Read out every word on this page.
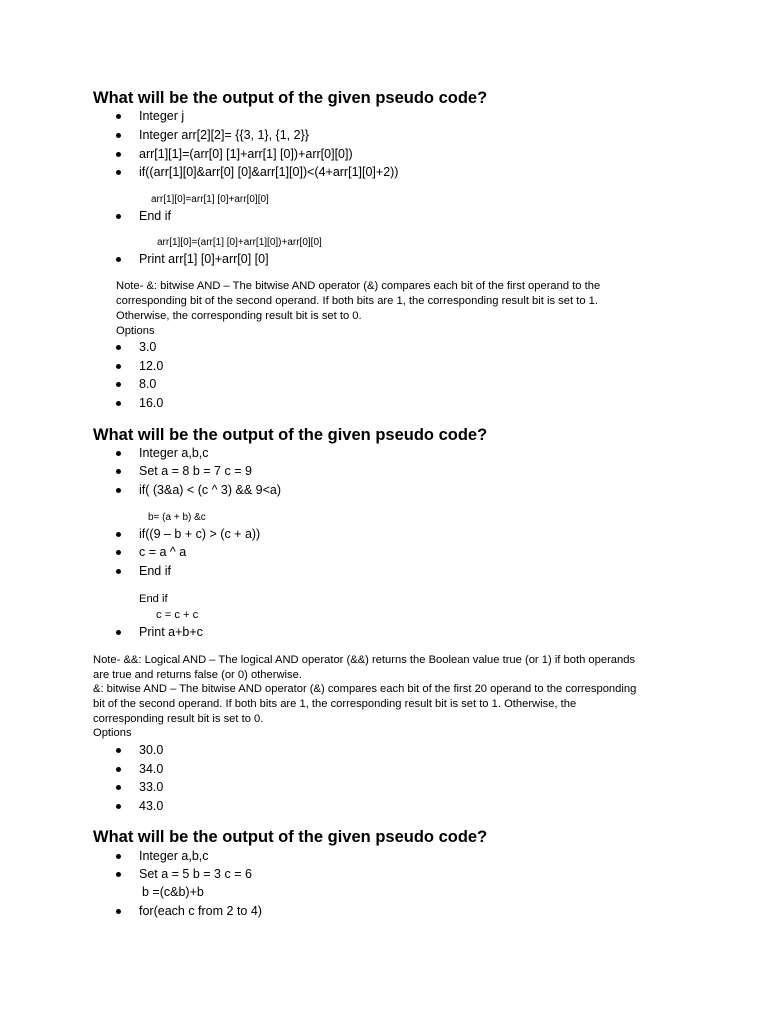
What will be the output of the given pseudo code?
Integer j
Integer arr[2][2]= {{3, 1}, {1, 2}}
arr[1][1]=(arr[0] [1]+arr[1] [0])+arr[0][0])
if((arr[1][0]&arr[0] [0]&arr[1][0])<(4+arr[1][0]+2))
arr[1][0]=arr[1] [0]+arr[0][0]
End if
arr[1][0]=(arr[1] [0]+arr[1][0])+arr[0][0]
Print arr[1] [0]+arr[0] [0]
Note- &: bitwise AND – The bitwise AND operator (&) compares each bit of the first operand to the
corresponding bit of the second operand. If both bits are 1, the corresponding result bit is set to 1.
Otherwise, the corresponding result bit is set to 0.
Options
3.0
12.0
8.0
16.0
What will be the output of the given pseudo code?
Integer a,b,c
Set a = 8 b = 7 c = 9
if( (3&a) < (c ^ 3) && 9<a)
b= (a + b) &c
if((9 – b + c) > (c + a))
c = a ^ a
End if
End if
c = c + c
Print a+b+c
Note- &&: Logical AND – The logical AND operator (&&) returns the Boolean value true (or 1) if both operands
are true and returns false (or 0) otherwise.
&: bitwise AND – The bitwise AND operator (&) compares each bit of the first 20 operand to the corresponding
bit of the second operand. If both bits are 1, the corresponding result bit is set to 1. Otherwise, the
corresponding result bit is set to 0.
Options
30.0
34.0
33.0
43.0
What will be the output of the given pseudo code?
Integer a,b,c
Set a = 5 b = 3 c = 6
b =(c&b)+b
for(each c from 2 to 4)
